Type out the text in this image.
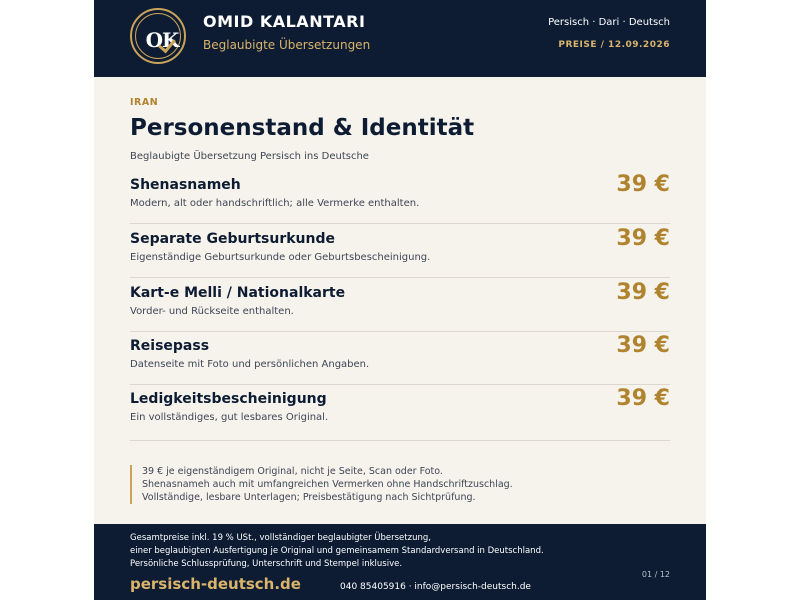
OK
OMID KALANTARI
Beglaubigte Übersetzungen
Persisch · Dari · Deutsch
PREISE / 12.09.2026
IRAN
Personenstand & Identität
Beglaubigte Übersetzung Persisch ins Deutsche
Shenasnameh
Modern, alt oder handschriftlich; alle Vermerke enthalten.
39 €
Separate Geburtsurkunde
Eigenständige Geburtsurkunde oder Geburtsbescheinigung.
39 €
Kart-e Melli / Nationalkarte
Vorder- und Rückseite enthalten.
39 €
Reisepass
Datenseite mit Foto und persönlichen Angaben.
39 €
Ledigkeitsbescheinigung
Ein vollständiges, gut lesbares Original.
39 €
39 € je eigenständigem Original, nicht je Seite, Scan oder Foto.
Shenasnameh auch mit umfangreichen Vermerken ohne Handschriftzuschlag.
Vollständige, lesbare Unterlagen; Preisbestätigung nach Sichtprüfung.
Gesamtpreise inkl. 19 % USt., vollständiger beglaubigter Übersetzung,
einer beglaubigten Ausfertigung je Original und gemeinsamem Standardversand in Deutschland.
Persönliche Schlussprüfung, Unterschrift und Stempel inklusive.
persisch-deutsch.de	040 85405916 · info@persisch-deutsch.de
01 / 12
